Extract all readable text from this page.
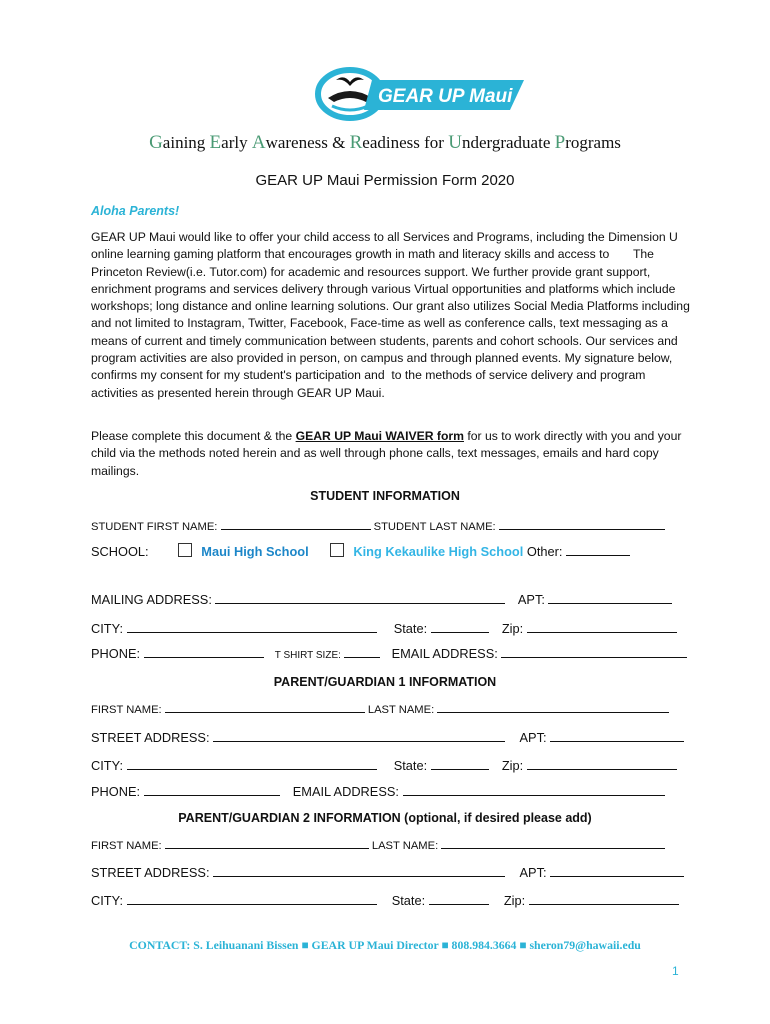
GEAR UP Maui
Gaining Early Awareness & Readiness for Undergraduate Programs
GEAR UP Maui Permission Form 2020
Aloha Parents!
GEAR UP Maui would like to offer your child access to all Services and Programs, including the Dimension U online learning gaming platform that encourages growth in math and literacy skills and access to       The Princeton Review(i.e. Tutor.com) for academic and resources support. We further provide grant support, enrichment programs and services delivery through various Virtual opportunities and platforms which include workshops; long distance and online learning solutions. Our grant also utilizes Social Media Platforms including and not limited to Instagram, Twitter, Facebook, Face-time as well as conference calls, text messaging as a means of current and timely communication between students, parents and cohort schools. Our services and program activities are also provided in person, on campus and through planned events. My signature below, confirms my consent for my student's participation and  to the methods of service delivery and program activities as presented herein through GEAR UP Maui.
Please complete this document & the GEAR UP Maui WAIVER form for us to work directly with you and your child via the methods noted herein and as well through phone calls, text messages, emails and hard copy mailings.
STUDENT INFORMATION
STUDENT FIRST NAME:	STUDENT LAST NAME:
SCHOOL:	Maui High School	King Kekaulike High School Other:
MAILING ADDRESS:	APT:
CITY:	State:	Zip:
PHONE:	T SHIRT SIZE:	EMAIL ADDRESS:
PARENT/GUARDIAN 1 INFORMATION
FIRST NAME:	LAST NAME:
STREET ADDRESS:	APT:
CITY:	State:	Zip:
PHONE:	EMAIL ADDRESS:
PARENT/GUARDIAN 2 INFORMATION (optional, if desired please add)
FIRST NAME:	LAST NAME:
STREET ADDRESS:	APT:
CITY:	State:	Zip:
CONTACT: S. Leihuanani Bissen ■ GEAR UP Maui Director ■ 808.984.3664 ■ sheron79@hawaii.edu
1
